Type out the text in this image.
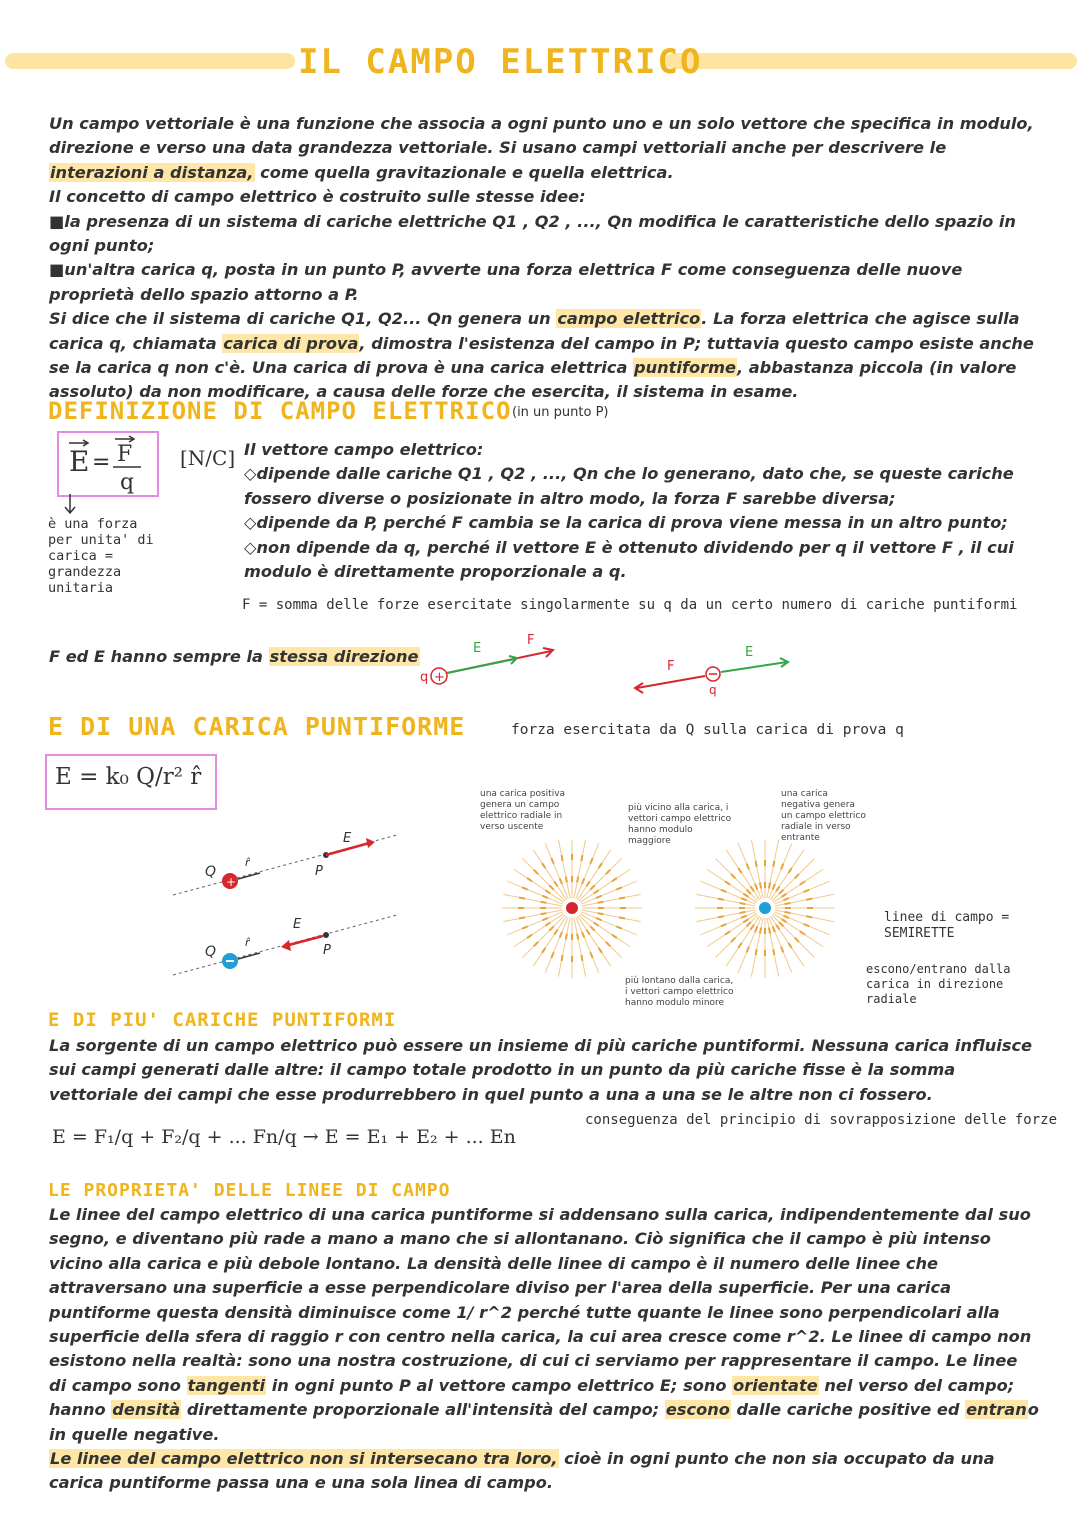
IL CAMPO ELETTRICO

Un campo vettoriale è una funzione che associa a ogni punto uno e un solo vettore che specifica in modulo, direzione e verso una data grandezza vettoriale. Si usano campi vettoriali anche per descrivere le interazioni a distanza, come quella gravitazionale e quella elettrica.

Il concetto di campo elettrico è costruito sulle stesse idee:

■la presenza di un sistema di cariche elettriche Q1 , Q2 , ..., Qn modifica le caratteristiche dello spazio in ogni punto;

■un'altra carica q, posta in un punto P, avverte una forza elettrica F come conseguenza delle nuove proprietà dello spazio attorno a P.

Si dice che il sistema di cariche Q1, Q2... Qn genera un campo elettrico. La forza elettrica che agisce sulla carica q, chiamata carica di prova, dimostra l'esistenza del campo in P; tuttavia questo campo esiste anche se la carica q non c'è. Una carica di prova è una carica elettrica puntiforme, abbastanza piccola (in valore assoluto) da non modificare, a causa delle forze che esercita, il sistema in esame.

DEFINIZIONE DI CAMPO ELETTRICO (in un punto P)
E = F
q
[N/C]
è una forza per unita' di carica = grandezza unitaria

Il vettore campo elettrico:

◇dipende dalle cariche Q1 , Q2 , ..., Qn che lo generano, dato che, se queste cariche fossero diverse o posizionate in altro modo, la forza F sarebbe diversa;

◇dipende da P, perché F cambia se la carica di prova viene messa in un altro punto;

◇non dipende da q, perché il vettore E è ottenuto dividendo per q il vettore F , il cui modulo è direttamente proporzionale a q.

F = somma delle forze esercitate singolarmente su q da un certo numero di cariche puntiformi
F ed E hanno sempre la stessa direzione
+
q
E
F
q
F
E
E DI UNA CARICA PUNTIFORME	forza esercitata da Q sulla carica di prova q
E = k₀ Q/r² r̂
+
Q
r̂
P
E
Q
r̂
P
E
una carica positiva genera un campo elettrico radiale in verso uscente
più vicino alla carica, i vettori campo elettrico hanno modulo maggiore
una carica negativa genera un campo elettrico radiale in verso entrante
più lontano dalla carica, i vettori campo elettrico hanno modulo minore
linee di campo = SEMIRETTE
escono/entrano dalla carica in direzione radiale
E DI PIU' CARICHE PUNTIFORMI
La sorgente di un campo elettrico può essere un insieme di più cariche puntiformi. Nessuna carica influisce sui campi generati dalle altre: il campo totale prodotto in un punto da più cariche fisse è la somma vettoriale dei campi che esse produrrebbero in quel punto a una a una se le altre non ci fossero.
E = F₁/q + F₂/q + ... Fn/q → E = E₁ + E₂ + ... En
conseguenza del principio di sovrapposizione delle forze
LE PROPRIETA' DELLE LINEE DI CAMPO

Le linee del campo elettrico di una carica puntiforme si addensano sulla carica, indipendentemente dal suo segno, e diventano più rade a mano a mano che si allontanano. Ciò significa che il campo è più intenso vicino alla carica e più debole lontano. La densità delle linee di campo è il numero delle linee che attraversano una superficie a esse perpendicolare diviso per l'area della superficie. Per una carica puntiforme questa densità diminuisce come 1/ r^2 perché tutte quante le linee sono perpendicolari alla superficie della sfera di raggio r con centro nella carica, la cui area cresce come r^2. Le linee di campo non esistono nella realtà: sono una nostra costruzione, di cui ci serviamo per rappresentare il campo. Le linee di campo sono tangenti in ogni punto P al vettore campo elettrico E; sono orientate nel verso del campo; hanno densità direttamente proporzionale all'intensità del campo; escono dalle cariche positive ed entrano in quelle negative.

Le linee del campo elettrico non si intersecano tra loro, cioè in ogni punto che non sia occupato da una carica puntiforme passa una e una sola linea di campo.
